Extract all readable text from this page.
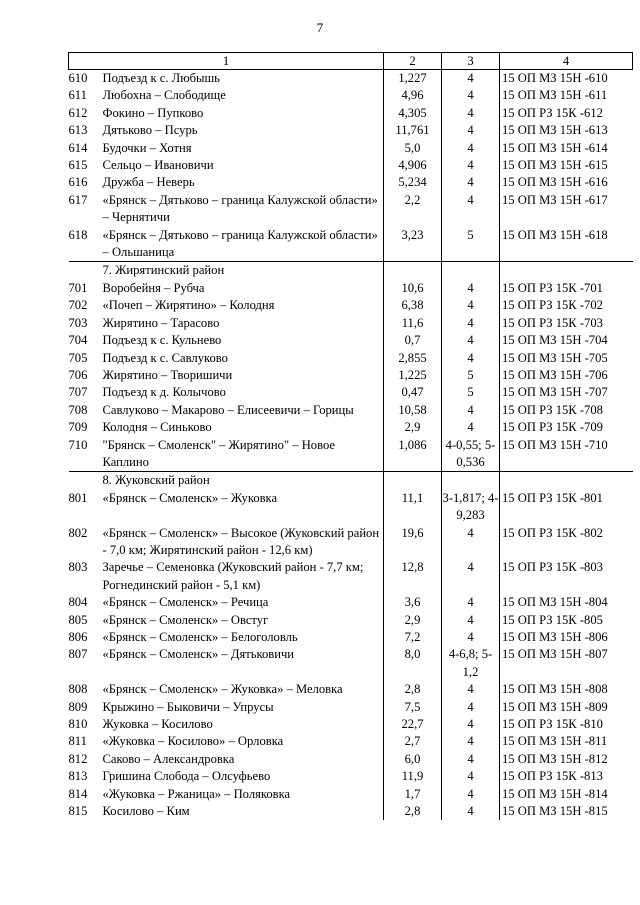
7
1	2	3	4
610 Подъезд к с. Любышь	1,227	4	15 ОП МЗ 15Н -610
611 Любохна – Слободище	4,96	4	15 ОП МЗ 15Н -611
612 Фокино – Пупково	4,305	4	15 ОП РЗ 15К -612
613 Дятьково – Псурь	11,761	4	15 ОП МЗ 15Н -613
614 Будочки – Хотня	5,0	4	15 ОП МЗ 15Н -614
615 Сельцо – Ивановичи	4,906	4	15 ОП МЗ 15Н -615
616 Дружба – Неверь	5,234	4	15 ОП МЗ 15Н -616
617 «Брянск – Дятьково – граница Калужской области» – Чернятичи	2,2	4	15 ОП МЗ 15Н -617
618 «Брянск – Дятьково – граница Калужской области» – Ольшаница	3,23	5	15 ОП МЗ 15Н -618
7. Жирятинский район			
701 Воробейня – Рубча	10,6	4	15 ОП РЗ 15К -701
702 «Почеп – Жирятино» – Колодня	6,38	4	15 ОП РЗ 15К -702
703 Жирятино – Тарасово	11,6	4	15 ОП РЗ 15К -703
704 Подъезд к с. Кульнево	0,7	4	15 ОП МЗ 15Н -704
705 Подъезд к с. Савлуково	2,855	4	15 ОП МЗ 15Н -705
706 Жирятино – Творишичи	1,225	5	15 ОП МЗ 15Н -706
707 Подъезд к д. Колычово	0,47	5	15 ОП МЗ 15Н -707
708 Савлуково – Макарово – Елисеевичи – Горицы	10,58	4	15 ОП РЗ 15К -708
709 Колодня – Синьково	2,9	4	15 ОП РЗ 15К -709
710 "Брянск – Смоленск" – Жирятино" – Новое Каплино	1,086	4-0,55; 5-0,536	15 ОП МЗ 15Н -710
8. Жуковский район			
801 «Брянск – Смоленск» – Жуковка	11,1	3-1,817; 4-9,283	15 ОП РЗ 15К -801
802 «Брянск – Смоленск» – Высокое (Жуковский район - 7,0 км; Жирятинский район - 12,6 км)	19,6	4	15 ОП РЗ 15К -802
803 Заречье – Семеновка (Жуковский район - 7,7 км; Рогнединский район - 5,1 км)	12,8	4	15 ОП РЗ 15К -803
804 «Брянск – Смоленск» – Речица	3,6	4	15 ОП МЗ 15Н -804
805 «Брянск – Смоленск» – Овстуг	2,9	4	15 ОП РЗ 15К -805
806 «Брянск – Смоленск» – Белоголовль	7,2	4	15 ОП МЗ 15Н -806
807 «Брянск – Смоленск» – Дятьковичи	8,0	4-6,8; 5-1,2	15 ОП МЗ 15Н -807
808 «Брянск – Смоленск» – Жуковка» – Меловка	2,8	4	15 ОП МЗ 15Н -808
809 Крыжино – Быковичи – Упрусы	7,5	4	15 ОП МЗ 15Н -809
810 Жуковка – Косилово	22,7	4	15 ОП РЗ 15К -810
811 «Жуковка – Косилово» – Орловка	2,7	4	15 ОП МЗ 15Н -811
812 Саково – Александровка	6,0	4	15 ОП МЗ 15Н -812
813 Гришина Слобода – Олсуфьево	11,9	4	15 ОП РЗ 15К -813
814 «Жуковка – Ржаница» – Поляковка	1,7	4	15 ОП МЗ 15Н -814
815 Косилово – Ким	2,8	4	15 ОП МЗ 15Н -815
